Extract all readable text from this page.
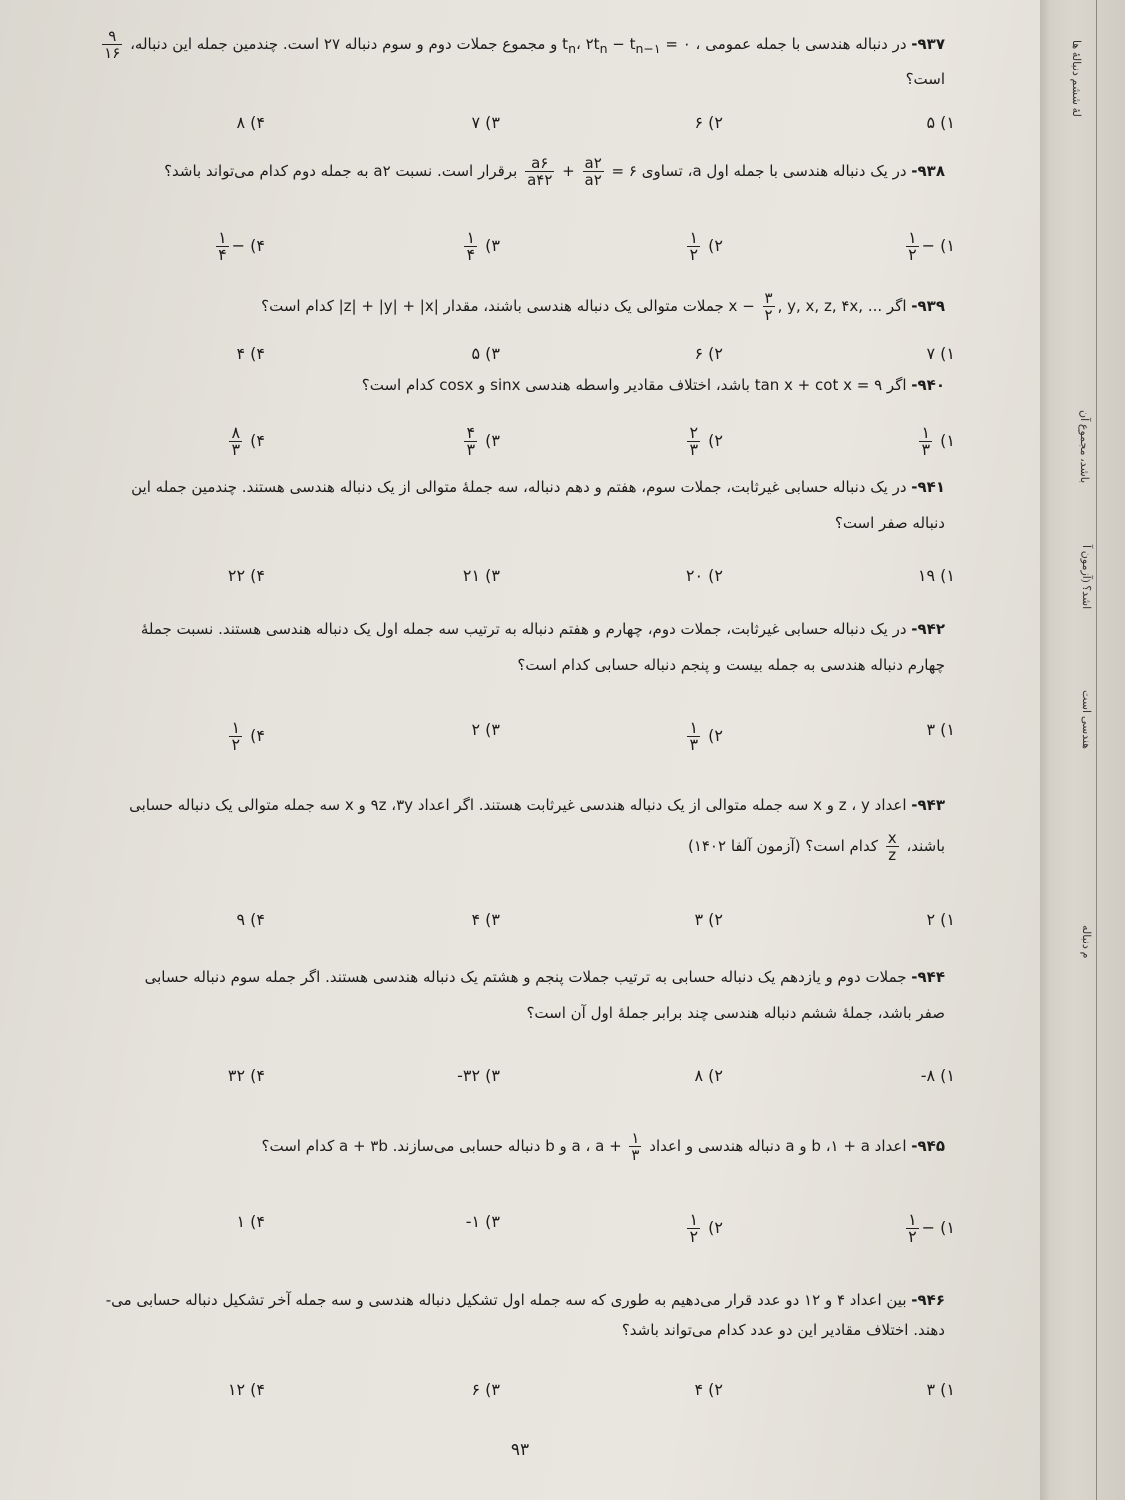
۹۳۷- در دنباله هندسی با جمله عمومی $t_n،$ $۲t_n - t_{n-۱}$ = ۰ ، و مجموع جملات دوم و سوم دنباله ۲۷ است. چندمین جمله این دنباله،
$\frac{۹}{۱۶}$

است؟

۱) ۵
۲) ۶
۳) ۷
۴) ۸

۹۳۸- در یک دنباله هندسی با جمله اول a، تساوی
$\frac{a۶}{a۴۲} + \frac{a۲}{a۲}$ = ۶ برقرار است. نسبت a۲ به جمله دوم کدام می‌تواند باشد؟

۱) −
$\frac{۱}{۲}$
۲)
$\frac{۱}{۲}$
۳)
$\frac{۱}{۴}$
۴) −
$\frac{۱}{۴}$

۹۳۹- اگر $x - \frac{۳}{۲}$ , y, x, z, ۴x, ... جملات متوالی یک دنباله هندسی باشند، مقدار |z| + |y| + |x| کدام است؟

۱) ۷
۲) ۶
۳) ۵
۴) ۴

۹۴۰- اگر tan x + cot x = ۹ باشد، اختلاف مقادیر واسطه هندسی sinx و cosx کدام است؟

۱)
$\frac{۱}{۳}$
۲)
$\frac{۲}{۳}$
۳)
$\frac{۴}{۳}$
۴)
$\frac{۸}{۳}$

۹۴۱- در یک دنباله حسابی غیرثابت، جملات سوم، هفتم و دهم دنباله، سه جملهٔ متوالی از یک دنباله هندسی هستند. چندمین جمله این

دنباله صفر است؟

۱) ۱۹
۲) ۲۰
۳) ۲۱
۴) ۲۲

۹۴۲- در یک دنباله حسابی غیرثابت، جملات دوم، چهارم و هفتم دنباله به ترتیب سه جمله اول یک دنباله هندسی هستند. نسبت جملهٔ

چهارم دنباله هندسی به جمله بیست و پنجم دنباله حسابی کدام است؟

۱) ۳
۲)
$\frac{۱}{۳}$
۳) ۲
۴)
$\frac{۱}{۲}$

۹۴۳- اعداد z ، y و x سه جمله متوالی از یک دنباله هندسی غیرثابت هستند. اگر اعداد ۹z ،۳y و x سه جمله متوالی یک دنباله حسابی

باشند،
$\frac{x}{z}$
کدام است؟ (آزمون آلفا ۱۴۰۲)

۱) ۲
۲) ۳
۳) ۴
۴) ۹

۹۴۴- جملات دوم و یازدهم یک دنباله حسابی به ترتیب جملات پنجم و هشتم یک دنباله هندسی هستند. اگر جمله سوم دنباله حسابی

صفر باشد، جملهٔ ششم دنباله هندسی چند برابر جملهٔ اول آن است؟

۱) ۸-
۲) ۸
۳) ۳۲-
۴) ۳۲

۹۴۵- اعداد b ،۱ + a و a دنباله هندسی و اعداد a ، $a + \frac{۱}{۳}$
و b دنباله حسابی می‌سازند. a + ۳b کدام است؟

۱) −
$\frac{۱}{۲}$
۲)
$\frac{۱}{۲}$
۳) ۱-
۴) ۱

۹۴۶- بین اعداد ۴ و ۱۲ دو عدد قرار می‌دهیم به طوری که سه جمله اول تشکیل دنباله هندسی و سه جمله آخر تشکیل دنباله حسابی می-

دهند. اختلاف مقادیر این دو عدد کدام می‌تواند باشد؟

۱) ۳
۲) ۴
۳) ۶
۴) ۱۲
۹۳
لهٔ ششم دنبالهٔ ها
باشد، مجموع آن
اشد؟ (آزمون آ
هندسی است
م دنباله
